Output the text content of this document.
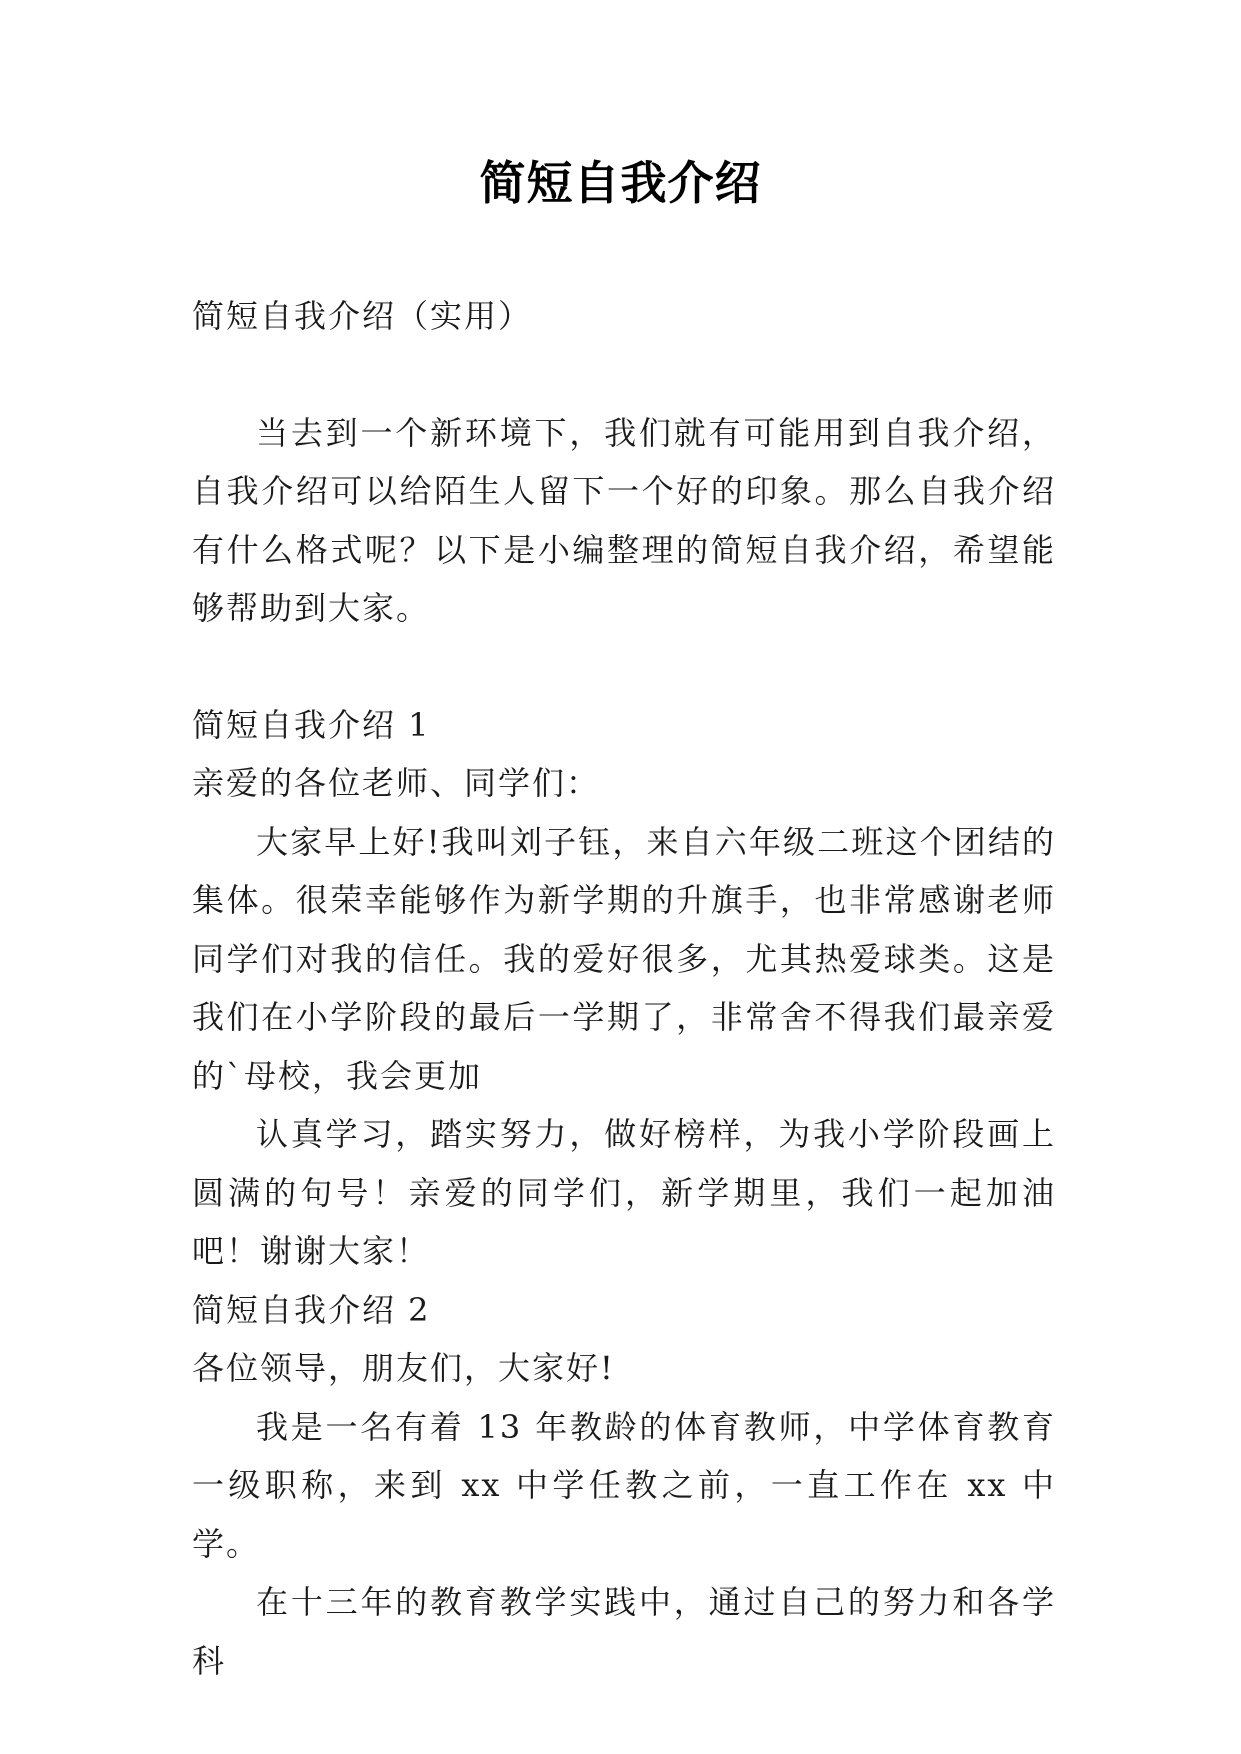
简短自我介绍

简短自我介绍（实用）

当去到一个新环境下，我们就有可能用到自我介绍，自我介绍可以给陌生人留下一个好的印象。那么自我介绍有什么格式呢？以下是小编整理的简短自我介绍，希望能够帮助到大家。

简短自我介绍 1

亲爱的各位老师、同学们：

大家早上好!我叫刘子钰，来自六年级二班这个团结的集体。很荣幸能够作为新学期的升旗手，也非常感谢老师同学们对我的信任。我的爱好很多，尤其热爱球类。这是我们在小学阶段的最后一学期了，非常舍不得我们最亲爱的`母校，我会更加

认真学习，踏实努力，做好榜样，为我小学阶段画上圆满的句号！亲爱的同学们，新学期里，我们一起加油吧！谢谢大家！

简短自我介绍 2

各位领导，朋友们，大家好!

我是一名有着 13 年教龄的体育教师，中学体育教育一级职称，来到 xx 中学任教之前，一直工作在 xx 中学。

在十三年的教育教学实践中，通过自己的努力和各学科
